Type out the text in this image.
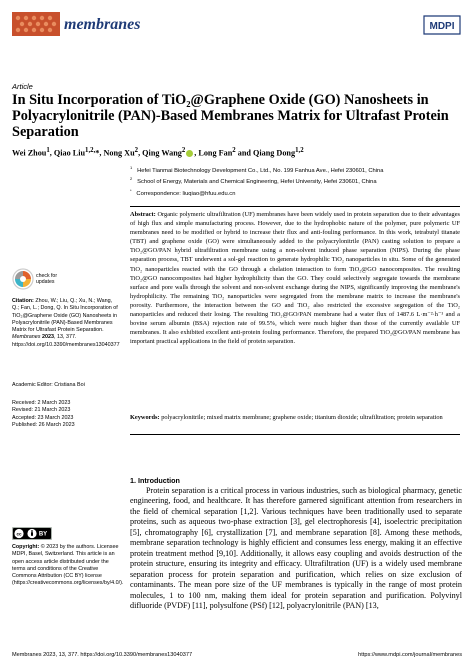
membranes	MDPI
Article
In Situ Incorporation of TiO₂@Graphene Oxide (GO) Nanosheets in Polyacrylonitrile (PAN)-Based Membranes Matrix for Ultrafast Protein Separation
Wei Zhou$^1$, Qiao Liu$^{1,2,}$*, Nong Xu$^2$, Qing Wang$^2$ , Long Fan$^2$ and Qiang Dong$^{1,2}$
$^1$   Hefei Tianmai Biotechnology Development Co., Ltd., No. 199 Fanhua Ave., Hefei 230601, China
$^2$   School of Energy, Materials and Chemical Engineering, Hefei University, Hefei 230601, China
*   Correspondence: liuqiao@hfuu.edu.cn
Abstract: Organic polymeric ultrafiltration (UF) membranes have been widely used in protein separation due to their advantages of high flux and simple manufacturing process. However, due to the hydrophobic nature of the polymer, pure polymeric UF membranes need to be modified or hybrid to increase their flux and anti-fouling performance. In this work, tetrabutyl titanate (TBT) and graphene oxide (GO) were simultaneously added to the polyacrylonitrile (PAN) casting solution to prepare a TiO₂@GO/PAN hybrid ultrafiltration membrane using a non-solvent induced phase separation (NIPS). During the phase separation process, TBT underwent a sol-gel reaction to generate hydrophilic TiO₂ nanoparticles in situ. Some of the generated TiO₂ nanoparticles reacted with the GO through a chelation interaction to form TiO₂@GO nanocomposites. The resulting TiO₂@GO nanocomposites had higher hydrophilicity than the GO. They could selectively segregate towards the membrane surface and pore walls through the solvent and non-solvent exchange during the NIPS, significantly improving the membrane's hydrophilicity. The remaining TiO₂ nanoparticles were segregated from the membrane matrix to increase the membrane's porosity. Furthermore, the interaction between the GO and TiO₂ also restricted the excessive segregation of the TiO₂ nanoparticles and reduced their losing. The resulting TiO₂@GO/PAN membrane had a water flux of 1487.6 L·m⁻²·h⁻¹ and a bovine serum albumin (BSA) rejection rate of 99.5%, which were much higher than those of the currently available UF membranes. It also exhibited excellent anti-protein fouling performance. Therefore, the prepared TiO₂@GO/PAN membrane has important practical applications in the field of protein separation.
Keywords: polyacrylonitrile; mixed matrix membrane; graphene oxide; titanium dioxide; ultrafiltration; protein separation
check for
updates
Citation: Zhou, W.; Liu, Q.; Xu, N.; Wang, Q.; Fan, L.; Dong, Q. In Situ Incorporation of TiO₂@Graphene Oxide (GO) Nanosheets in Polyacrylonitrile (PAN)-Based Membranes Matrix for Ultrafast Protein Separation. Membranes 2023, 13, 377. https://doi.org/10.3390/membranes13040377
Academic Editor: Cristiana Boi
Received: 2 March 2023
Revised: 21 March 2023
Accepted: 23 March 2023
Published: 26 March 2023
cc	BY
Copyright: © 2023 by the authors. Licensee MDPI, Basel, Switzerland. This article is an open access article distributed under the terms and conditions of the Creative Commons Attribution (CC BY) license (https://creativecommons.org/licenses/by/4.0/).
1. Introduction
Protein separation is a critical process in various industries, such as biological pharmacy, genetic engineering, food, and healthcare. It has therefore garnered significant attention from researchers in the field of chemical separation [1,2]. Various techniques have been traditionally used to separate proteins, such as aqueous two-phase extraction [3], gel electrophoresis [4], isoelectric precipitation [5], chromatography [6], crystallization [7], and membrane separation [8]. Among these methods, membrane separation technology is highly efficient and consumes less energy, making it an effective protein treatment method [9,10]. Additionally, it allows easy coupling and avoids destruction of the protein structure, ensuring its integrity and efficacy. Ultrafiltration (UF) is a widely used membrane separation process for protein separation and purification, which relies on size exclusion of contaminants. The mean pore size of the UF membranes is typically in the range of most protein molecules, 1 to 100 nm, making them ideal for protein separation and purification. Polyvinyl difluoride (PVDF) [11], polysulfone (PSf) [12], polyacrylonitrile (PAN) [13,
Membranes 2023, 13, 377. https://doi.org/10.3390/membranes13040377	https://www.mdpi.com/journal/membranes
